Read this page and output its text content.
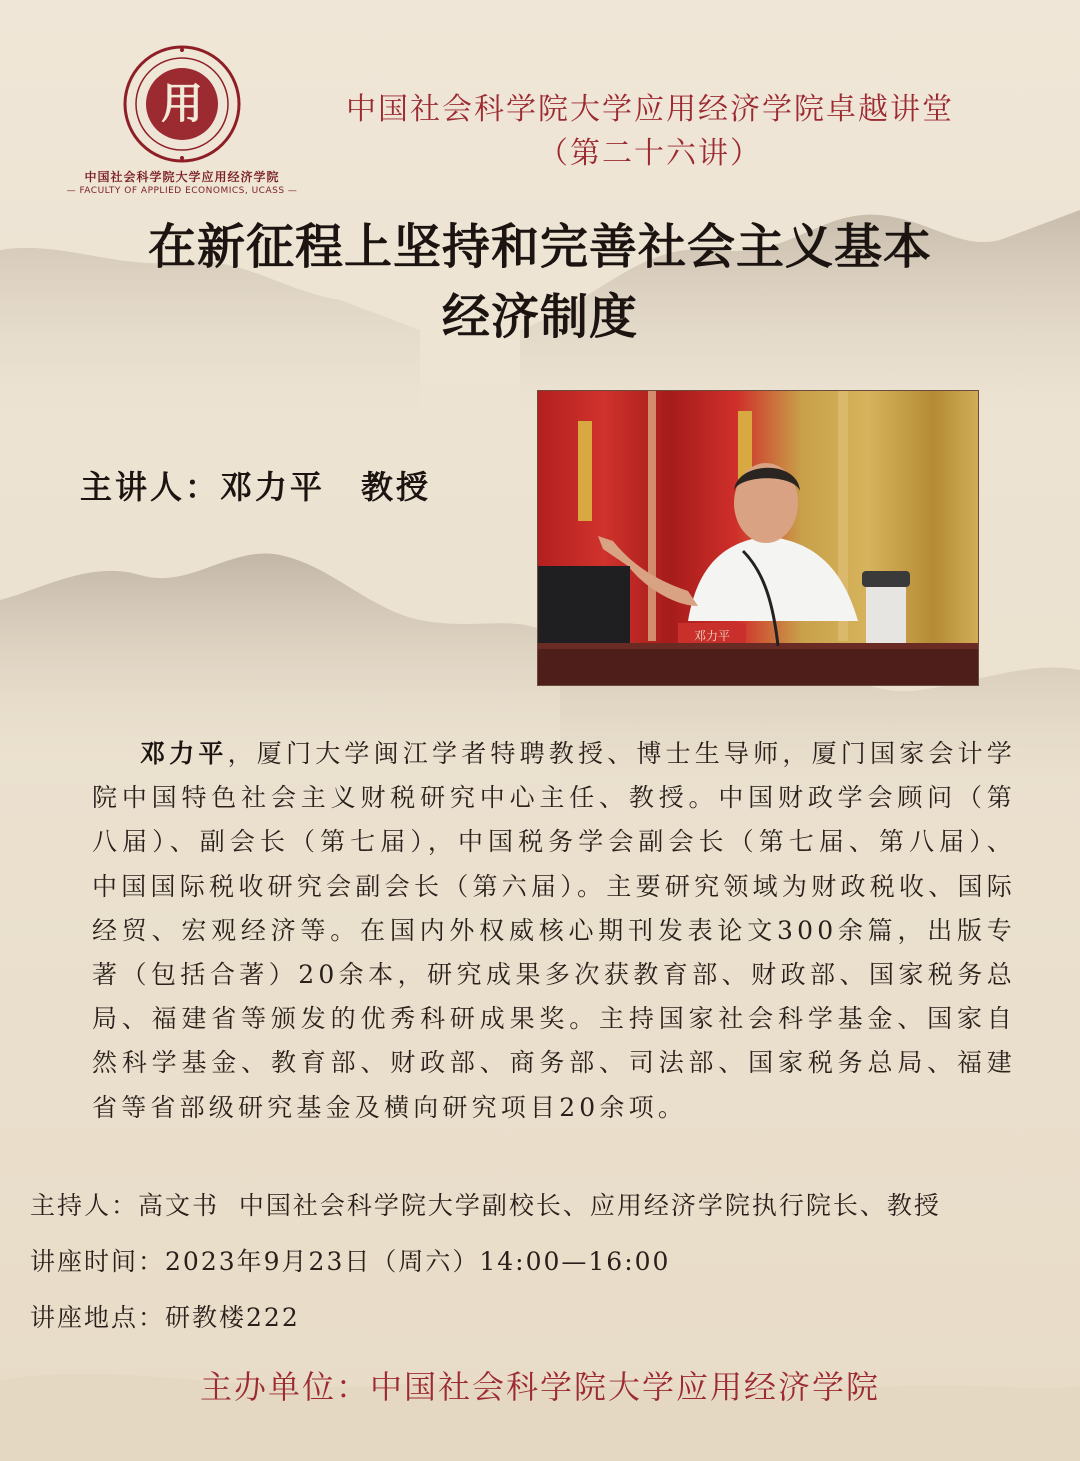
用
中国社会科学院大学应用经济学院
— FACULTY OF APPLIED ECONOMICS, UCASS —
中国社会科学院大学应用经济学院卓越讲堂
（第二十六讲）
在新征程上坚持和完善社会主义基本
经济制度
主讲人：邓力平 教授
邓力平
邓力平，厦门大学闽江学者特聘教授、博士生导师，厦门国家会计学院中国特色社会主义财税研究中心主任、教授。中国财政学会顾问（第八届）、副会长（第七届），中国税务学会副会长（第七届、第八届）、中国国际税收研究会副会长（第六届）。主要研究领域为财政税收、国际经贸、宏观经济等。在国内外权威核心期刊发表论文300余篇，出版专著（包括合著）20余本，研究成果多次获教育部、财政部、国家税务总局、福建省等颁发的优秀科研成果奖。主持国家社会科学基金、国家自然科学基金、教育部、财政部、商务部、司法部、国家税务总局、福建省等省部级研究基金及横向研究项目20余项。
主持人：高文书  中国社会科学院大学副校长、应用经济学院执行院长、教授
讲座时间：2023年9月23日（周六）14:00—16:00
讲座地点：研教楼222
主办单位：中国社会科学院大学应用经济学院
